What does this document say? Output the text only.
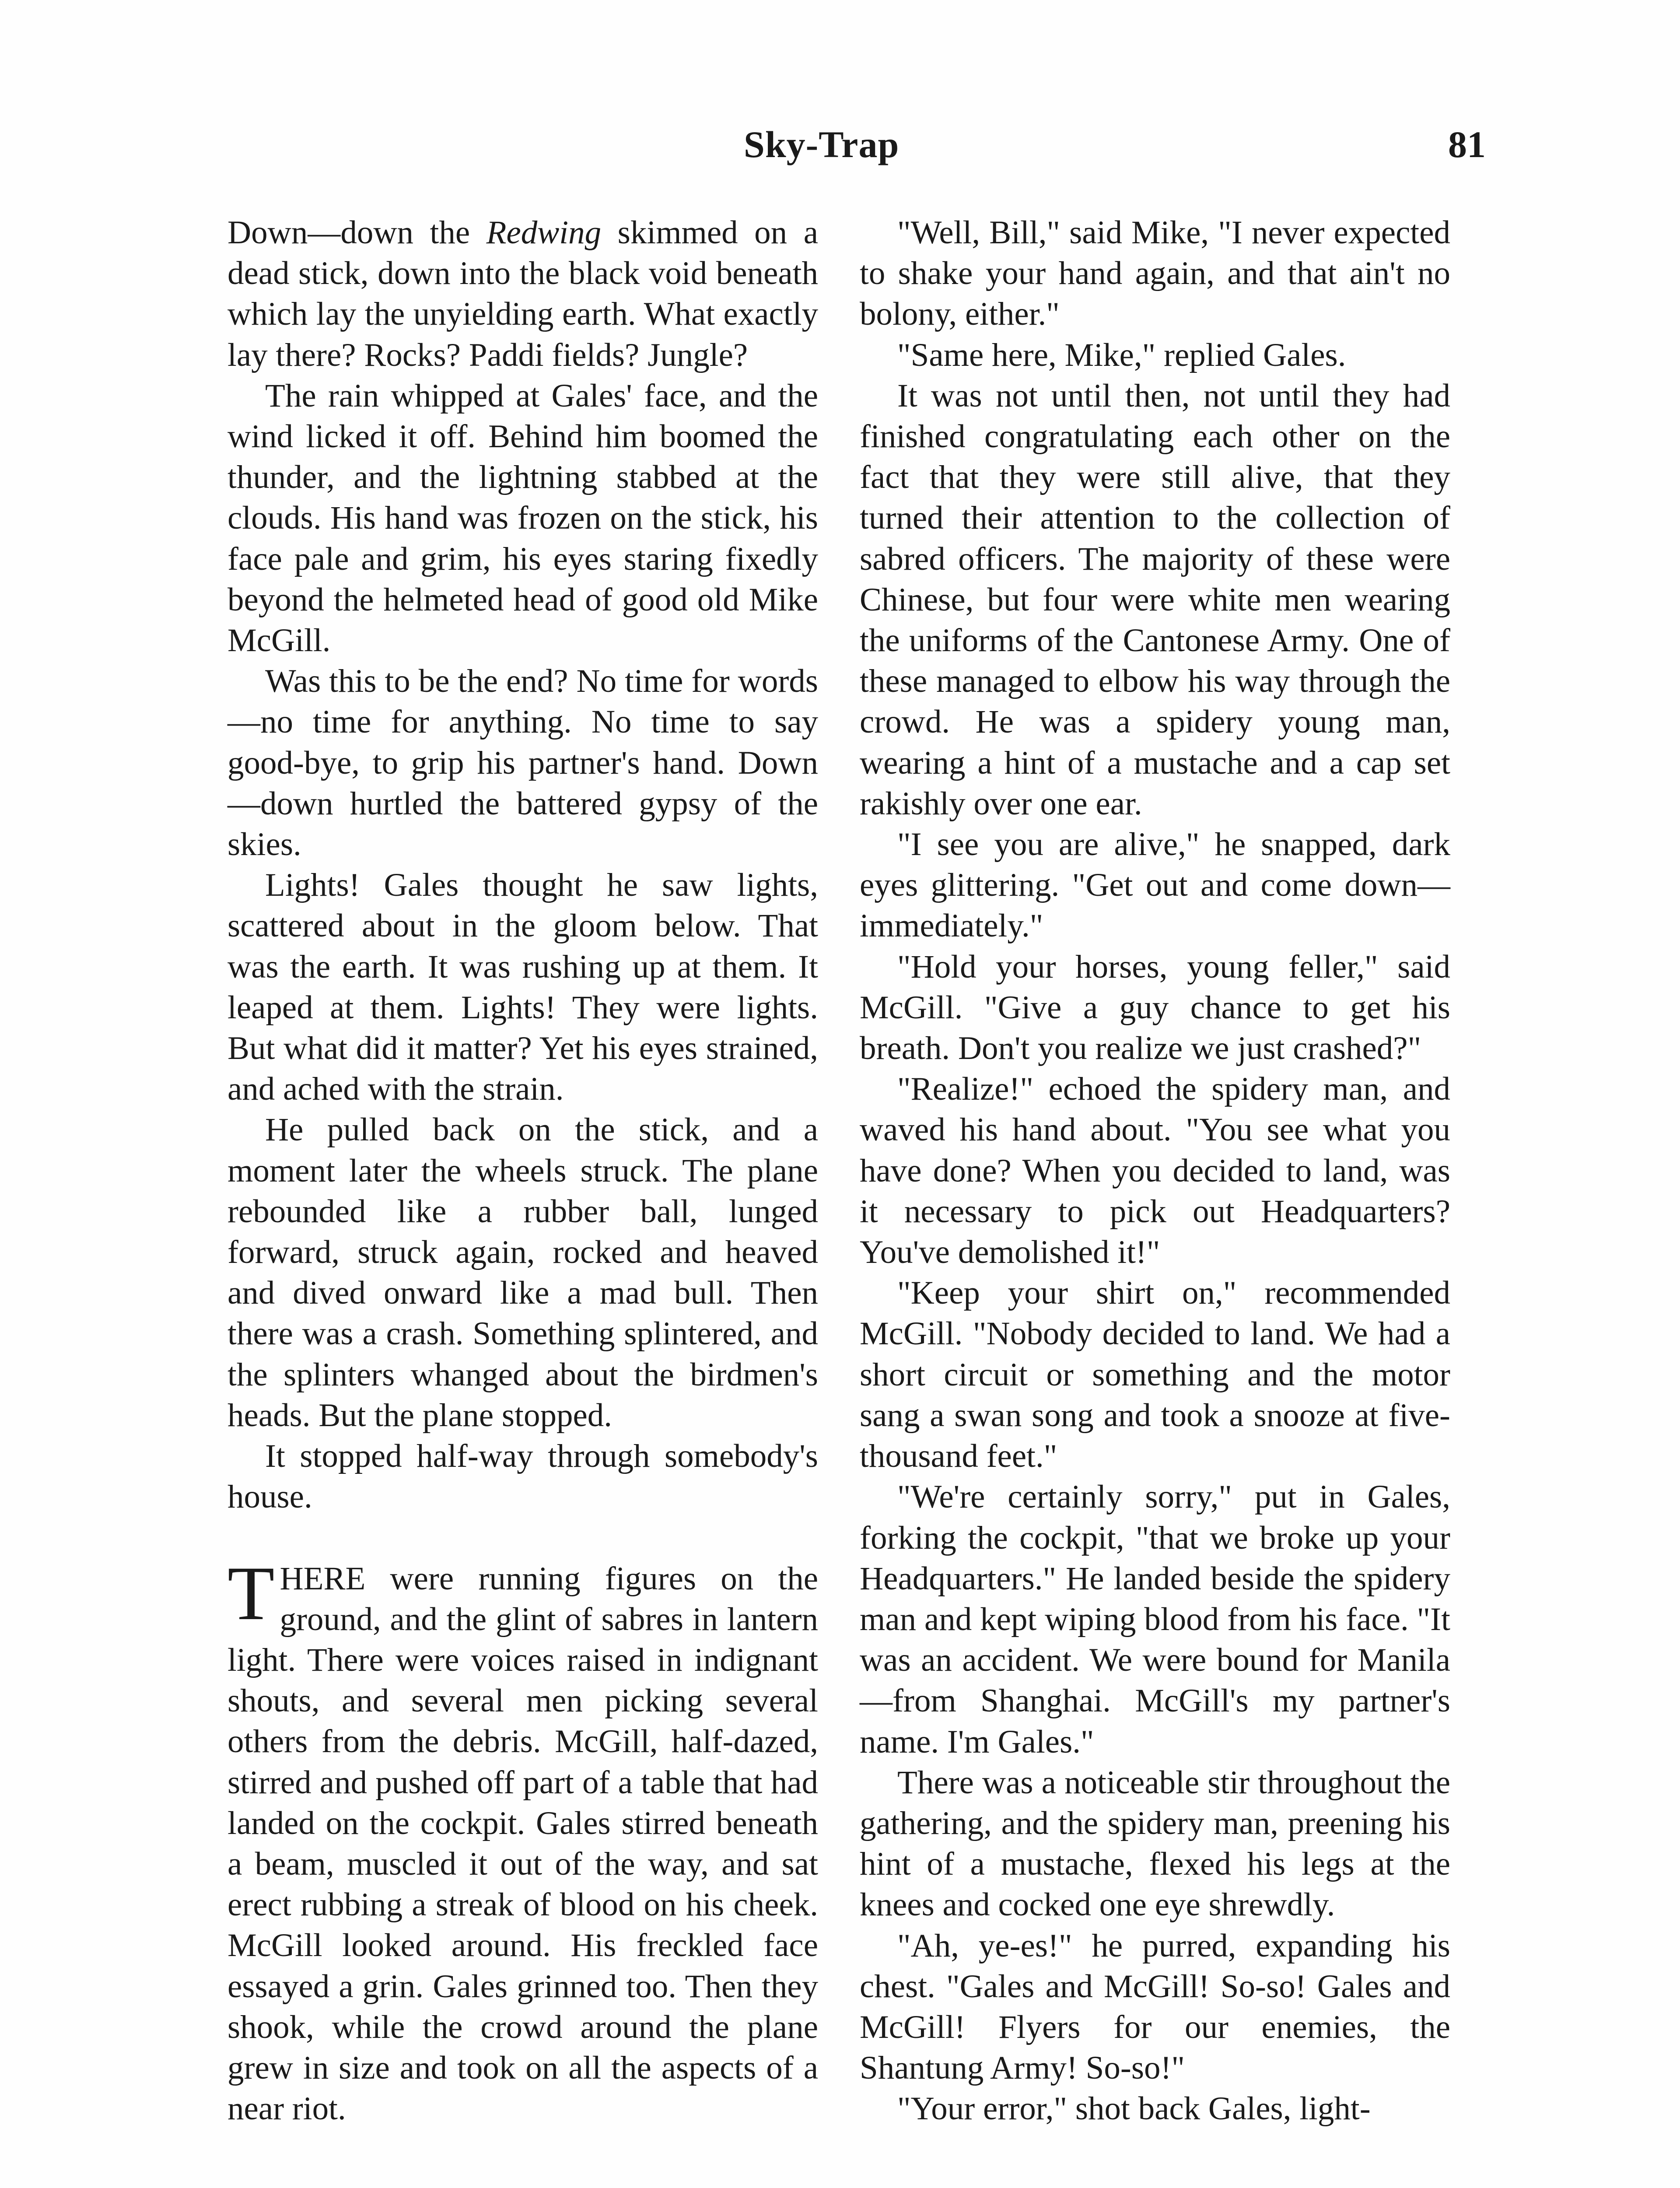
Sky-Trap	81

Down—down the Redwing skimmed on a dead stick, down into the black void beneath which lay the unyielding earth. What exactly lay there? Rocks? Paddi fields? Jungle?

The rain whipped at Gales' face, and the wind licked it off. Behind him boomed the thunder, and the lightning stabbed at the clouds. His hand was frozen on the stick, his face pale and grim, his eyes staring fixedly beyond the helmeted head of good old Mike McGill.

Was this to be the end? No time for words—no time for anything. No time to say good-bye, to grip his partner's hand. Down—down hurtled the battered gypsy of the skies.

Lights! Gales thought he saw lights, scattered about in the gloom below. That was the earth. It was rushing up at them. It leaped at them. Lights! They were lights. But what did it matter? Yet his eyes strained, and ached with the strain.

He pulled back on the stick, and a moment later the wheels struck. The plane rebounded like a rubber ball, lunged forward, struck again, rocked and heaved and dived onward like a mad bull. Then there was a crash. Something splintered, and the splinters whanged about the birdmen's heads. But the plane stopped.

It stopped half-way through somebody's house.

THERE were running figures on the ground, and the glint of sabres in lantern light. There were voices raised in indignant shouts, and several men picking several others from the debris. McGill, half-dazed, stirred and pushed off part of a table that had landed on the cockpit. Gales stirred beneath a beam, muscled it out of the way, and sat erect rubbing a streak of blood on his cheek. McGill looked around. His freckled face essayed a grin. Gales grinned too. Then they shook, while the crowd around the plane grew in size and took on all the aspects of a near riot.

"Well, Bill," said Mike, "I never expected to shake your hand again, and that ain't no bolony, either."

"Same here, Mike," replied Gales.

It was not until then, not until they had finished congratulating each other on the fact that they were still alive, that they turned their attention to the collection of sabred officers. The majority of these were Chinese, but four were white men wearing the uniforms of the Cantonese Army. One of these managed to elbow his way through the crowd. He was a spidery young man, wearing a hint of a mustache and a cap set rakishly over one ear.

"I see you are alive," he snapped, dark eyes glittering. "Get out and come down—immediately."

"Hold your horses, young feller," said McGill. "Give a guy chance to get his breath. Don't you realize we just crashed?"

"Realize!" echoed the spidery man, and waved his hand about. "You see what you have done? When you decided to land, was it necessary to pick out Headquarters? You've demolished it!"

"Keep your shirt on," recommended McGill. "Nobody decided to land. We had a short circuit or something and the motor sang a swan song and took a snooze at five-thousand feet."

"We're certainly sorry," put in Gales, forking the cockpit, "that we broke up your Headquarters." He landed beside the spidery man and kept wiping blood from his face. "It was an accident. We were bound for Manila—from Shanghai. McGill's my partner's name. I'm Gales."

There was a noticeable stir throughout the gathering, and the spidery man, preening his hint of a mustache, flexed his legs at the knees and cocked one eye shrewdly.

"Ah, ye-es!" he purred, expanding his chest. "Gales and McGill! So-so! Gales and McGill! Flyers for our enemies, the Shantung Army! So-so!"

"Your error," shot back Gales, light-
